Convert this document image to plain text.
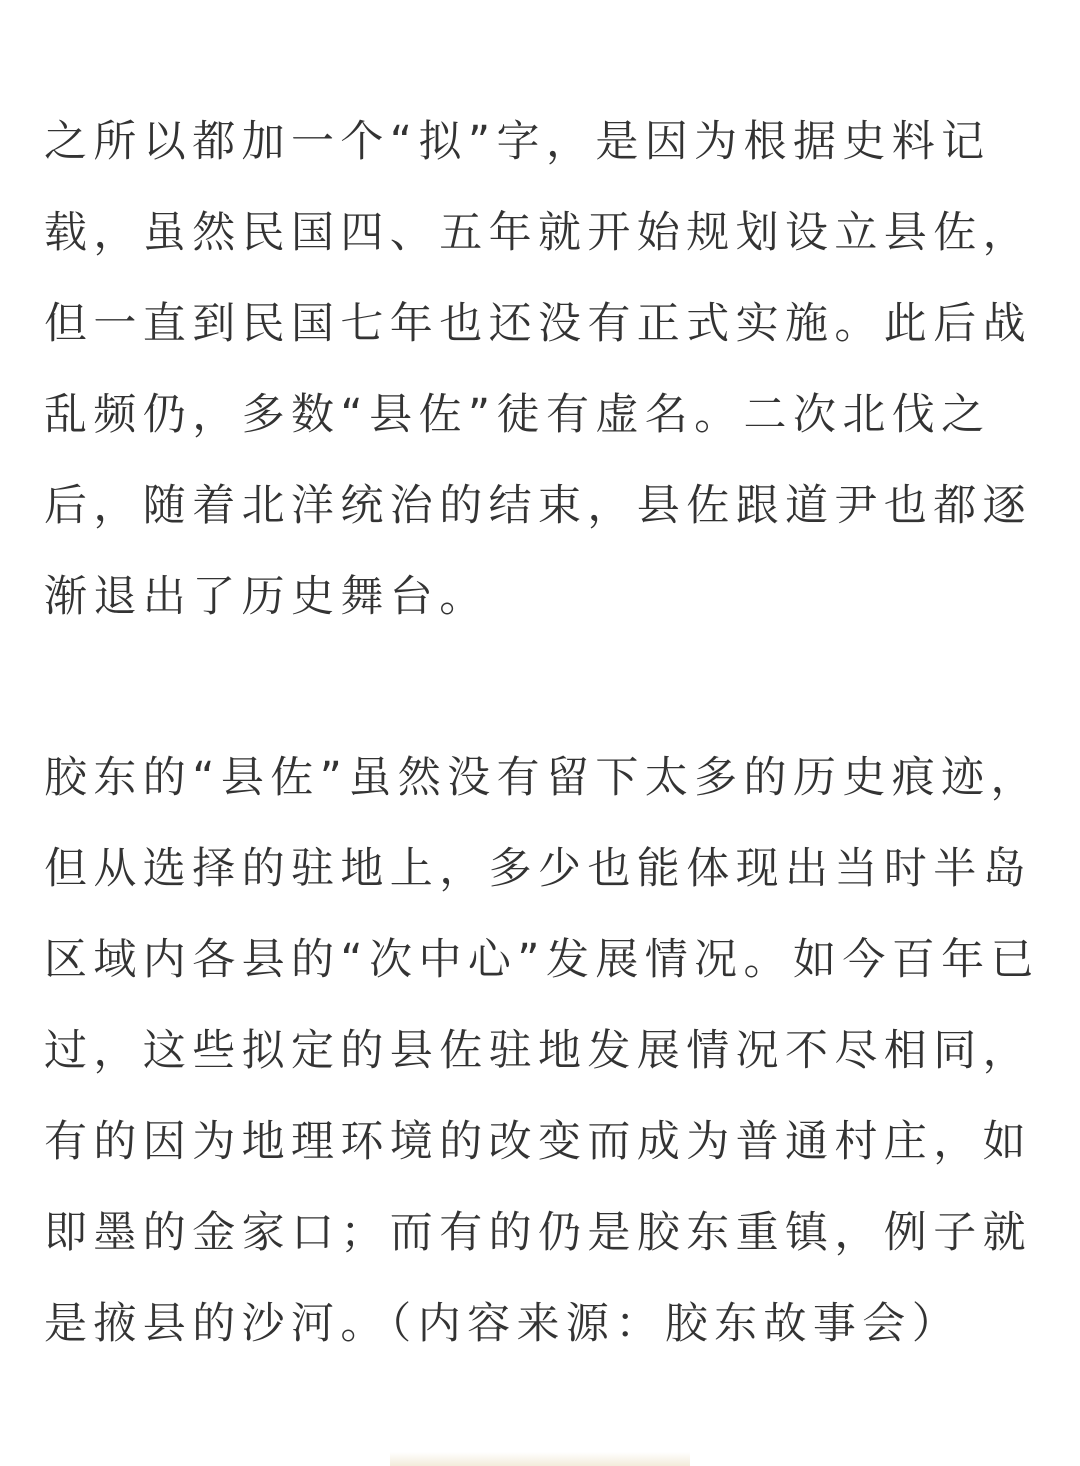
之所以都加一个“拟”字，是因为根据史料记
载，虽然民国四、五年就开始规划设立县佐，
但一直到民国七年也还没有正式实施。此后战
乱频仍，多数“县佐”徒有虚名。二次北伐之
后，随着北洋统治的结束，县佐跟道尹也都逐
渐退出了历史舞台。

胶东的“县佐”虽然没有留下太多的历史痕迹，
但从选择的驻地上，多少也能体现出当时半岛
区域内各县的“次中心”发展情况。如今百年已
过，这些拟定的县佐驻地发展情况不尽相同，
有的因为地理环境的改变而成为普通村庄，如
即墨的金家口；而有的仍是胶东重镇，例子就
是掖县的沙河。（内容来源：胶东故事会）
